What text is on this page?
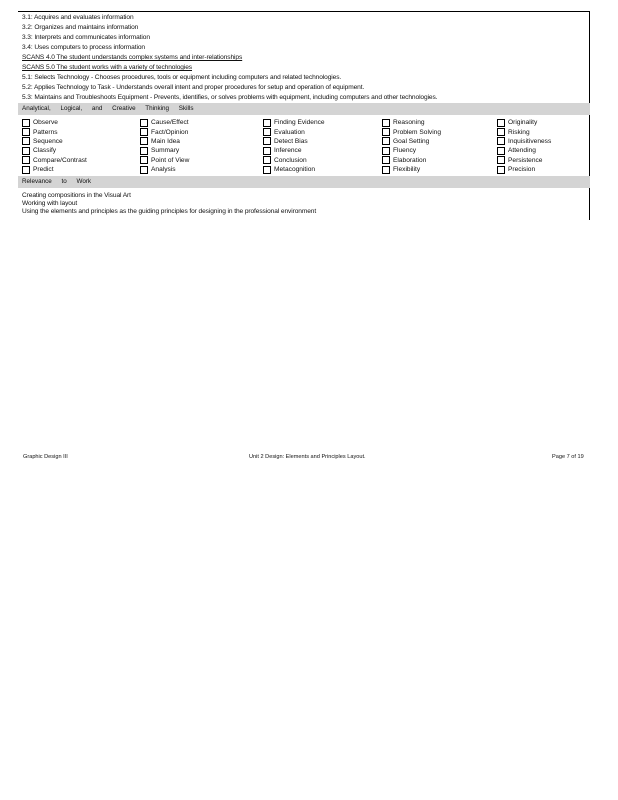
3.1: Acquires and evaluates information
3.2: Organizes and maintains information
3.3: Interprets and communicates information
3.4: Uses computers to process information
SCANS 4.0 The student understands complex systems and inter-relationships
SCANS 5.0 The student works with a variety of technologies
5.1: Selects Technology - Chooses procedures, tools or equipment including computers and related technologies.
5.2: Applies Technology to Task - Understands overall intent and proper procedures for setup and operation of equipment.
5.3: Maintains and Troubleshoots Equipment - Prevents, identifies, or solves problems with equipment, including computers and other technologies.
Analytical, Logical, and Creative Thinking Skills
Observe
Patterns
Sequence
Classify
Compare/Contrast
Predict
Cause/Effect
Fact/Opinion
Main Idea
Summary
Point of View
Analysis
Finding Evidence
Evaluation
Detect Bias
Inference
Conclusion
Metacognition
Reasoning
Problem Solving
Goal Setting
Fluency
Elaboration
Flexibility
Originality
Risking
Inquisitiveness
Attending
Persistence
Precision
Relevance to Work
Creating compositions in the Visual Art
Working with layout
Using the elements and principles as the guiding principles for designing in the professional environment
Graphic Design III	Unit 2 Design: Elements and Principles Layout.	Page 7 of 19
